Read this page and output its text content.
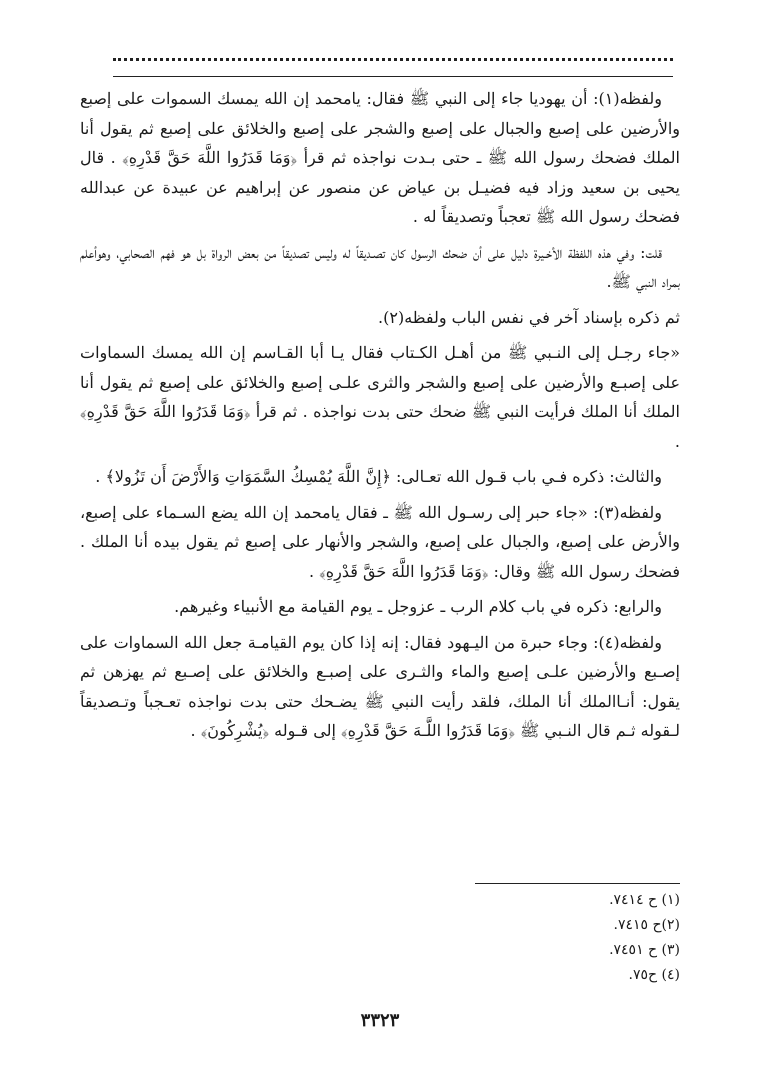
ولفظه(١): أن يهوديا جاء إلى النبي ﷺ فقال: يامحمد إن الله يمسك السموات على إصبع والأرضين على إصبع والجبال على إصبع والشجر على إصبع والخلائق على إصبع ثم يقول أنا الملك فضحك رسول الله ﷺ ـ حتى بـدت نواجذه ثم قرأ ﴿وَمَا قَدَرُوا اللَّهَ حَقَّ قَدْرِهِ﴾ . قال يحيى بن سعيد وزاد فيه فضيـل بن عياض عن منصور عن إبراهيم عن عبيدة عن عبدالله فضحك رسول الله ﷺ تعجباً وتصديقاً له .

قلت: وفي هذه اللفظة الأخـيرة دليل على أن ضحك الرسول كان تصـديقاً له وليس تصديقاً من بعض الرواة بل هو فهم الصحابي، وهوأعلم بمراد النبي ﷺ.

ثم ذكره بإسناد آخر في نفس الباب ولفظه(٢).

«جاء رجـل إلى النـبي ﷺ من أهـل الكـتاب فقال يـا أبا القـاسم إن الله يمسك السماوات على إصبـع والأرضين على إصبع والشجر والثرى علـى إصبع والخلائق على إصبع ثم يقول أنا الملك أنا الملك فرأيت النبي ﷺ ضحك حتى بدت نواجذه . ثم قرأ ﴿وَمَا قَدَرُوا اللَّهَ حَقَّ قَدْرِهِ﴾ .

والثالث: ذكره فـي باب قـول الله تعـالى: ﴿إِنَّ اللَّهَ يُمْسِكُ السَّمَوَاتِ وَالأَرْضَ أَن تَزُولا﴾ .

ولفظه(٣): «جاء حبر إلى رسـول الله ﷺ ـ فقال يامحمد إن الله يضع السـماء على إصبع، والأرض على إصبع، والجبال على إصبع، والشجر والأنهار على إصبع ثم يقول بيده أنا الملك . فضحك رسول الله ﷺ وقال: ﴿وَمَا قَدَرُوا اللَّهَ حَقَّ قَدْرِهِ﴾ .

والرابع: ذكره في باب كلام الرب ـ عزوجل ـ يوم القيامة مع الأنبياء وغيرهم.

ولفظه(٤): وجاء حبرة من اليـهود فقال: إنه إذا كان يوم القيامـة جعل الله السماوات على إصـبع والأرضين علـى إصبع والماء والثـرى على إصبـع والخلائق على إصـبع ثم يهزهن ثم يقول: أنـاالملك أنا الملك، فلقد رأيت النبي ﷺ يضـحك حتى بدت نواجذه تعـجباً وتـصديقاً لـقوله ثـم قال النـبي ﷺ ﴿وَمَا قَدَرُوا اللَّـهَ حَقَّ قَدْرِهِ﴾ إلى قـوله ﴿يُشْرِكُونَ﴾ .

(١) ح ٧٤١٤.
(٢)ح ٧٤١٥.
(٣) ح ٧٤٥١.
(٤) ح٧٥.
٣٣٢٣
